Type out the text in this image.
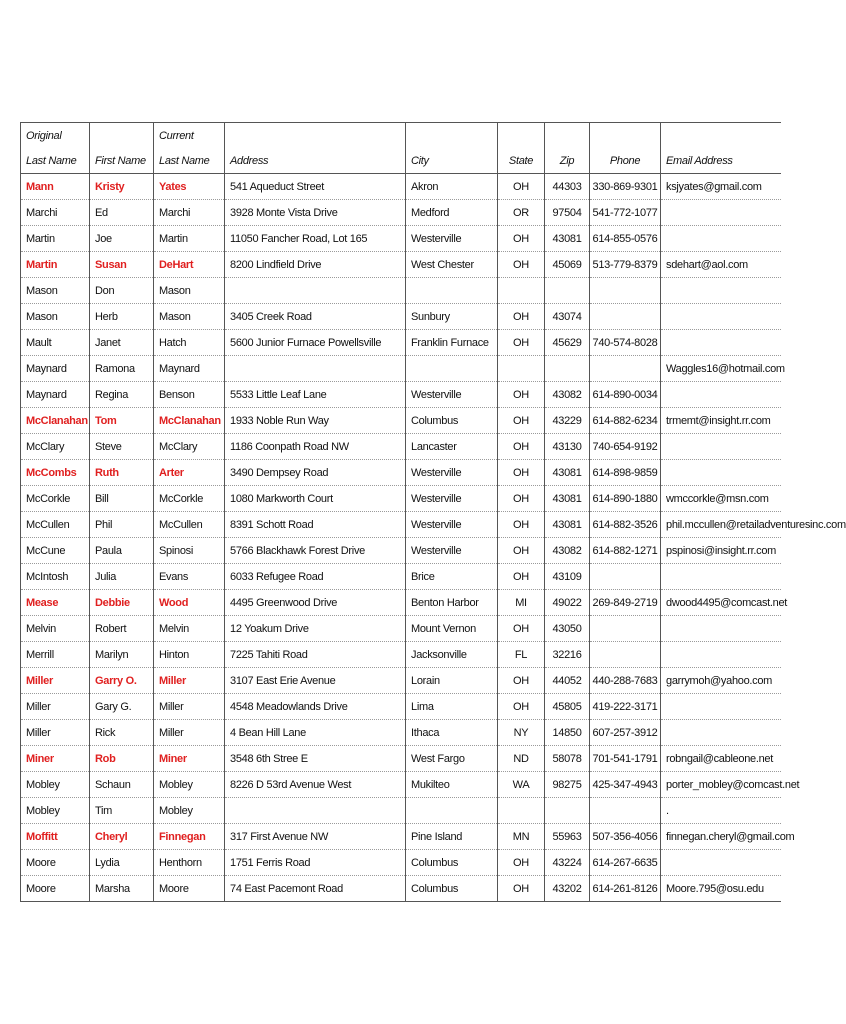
Original		Current						
Last Name	First Name	Last Name	Address	City	State	Zip	Phone	Email Address
Mann	Kristy	Yates	541 Aqueduct Street	Akron	OH	44303	330-869-9301	ksjyates@gmail.com
Marchi	Ed	Marchi	3928 Monte Vista Drive	Medford	OR	97504	541-772-1077	
Martin	Joe	Martin	11050 Fancher Road, Lot 165	Westerville	OH	43081	614-855-0576	
Martin	Susan	DeHart	8200 Lindfield Drive	West Chester	OH	45069	513-779-8379	sdehart@aol.com
Mason	Don	Mason						
Mason	Herb	Mason	3405 Creek Road	Sunbury	OH	43074		
Mault	Janet	Hatch	5600 Junior Furnace Powellsville	Franklin Furnace	OH	45629	740-574-8028	
Maynard	Ramona	Maynard						Waggles16@hotmail.com
Maynard	Regina	Benson	5533 Little Leaf Lane	Westerville	OH	43082	614-890-0034	
McClanahan	Tom	McClanahan	1933 Noble Run Way	Columbus	OH	43229	614-882-6234	trmemt@insight.rr.com
McClary	Steve	McClary	1186 Coonpath Road NW	Lancaster	OH	43130	740-654-9192	
McCombs	Ruth	Arter	3490 Dempsey Road	Westerville	OH	43081	614-898-9859	
McCorkle	Bill	McCorkle	1080 Markworth Court	Westerville	OH	43081	614-890-1880	wmccorkle@msn.com
McCullen	Phil	McCullen	8391 Schott Road	Westerville	OH	43081	614-882-3526	phil.mccullen@retailadventuresinc.com
McCune	Paula	Spinosi	5766 Blackhawk Forest Drive	Westerville	OH	43082	614-882-1271	pspinosi@insight.rr.com
McIntosh	Julia	Evans	6033 Refugee Road	Brice	OH	43109		
Mease	Debbie	Wood	4495 Greenwood Drive	Benton Harbor	MI	49022	269-849-2719	dwood4495@comcast.net
Melvin	Robert	Melvin	12 Yoakum Drive	Mount Vernon	OH	43050		
Merrill	Marilyn	Hinton	7225 Tahiti Road	Jacksonville	FL	32216		
Miller	Garry O.	Miller	3107 East Erie Avenue	Lorain	OH	44052	440-288-7683	garrymoh@yahoo.com
Miller	Gary G.	Miller	4548 Meadowlands Drive	Lima	OH	45805	419-222-3171	
Miller	Rick	Miller	4 Bean Hill Lane	Ithaca	NY	14850	607-257-3912	
Miner	Rob	Miner	3548 6th Stree E	West Fargo	ND	58078	701-541-1791	robngail@cableone.net
Mobley	Schaun	Mobley	8226 D 53rd Avenue West	Mukilteo	WA	98275	425-347-4943	porter_mobley@comcast.net
Mobley	Tim	Mobley						.
Moffitt	Cheryl	Finnegan	317 First Avenue NW	Pine Island	MN	55963	507-356-4056	finnegan.cheryl@gmail.com
Moore	Lydia	Henthorn	1751 Ferris Road	Columbus	OH	43224	614-267-6635	
Moore	Marsha	Moore	74 East Pacemont Road	Columbus	OH	43202	614-261-8126	Moore.795@osu.edu
